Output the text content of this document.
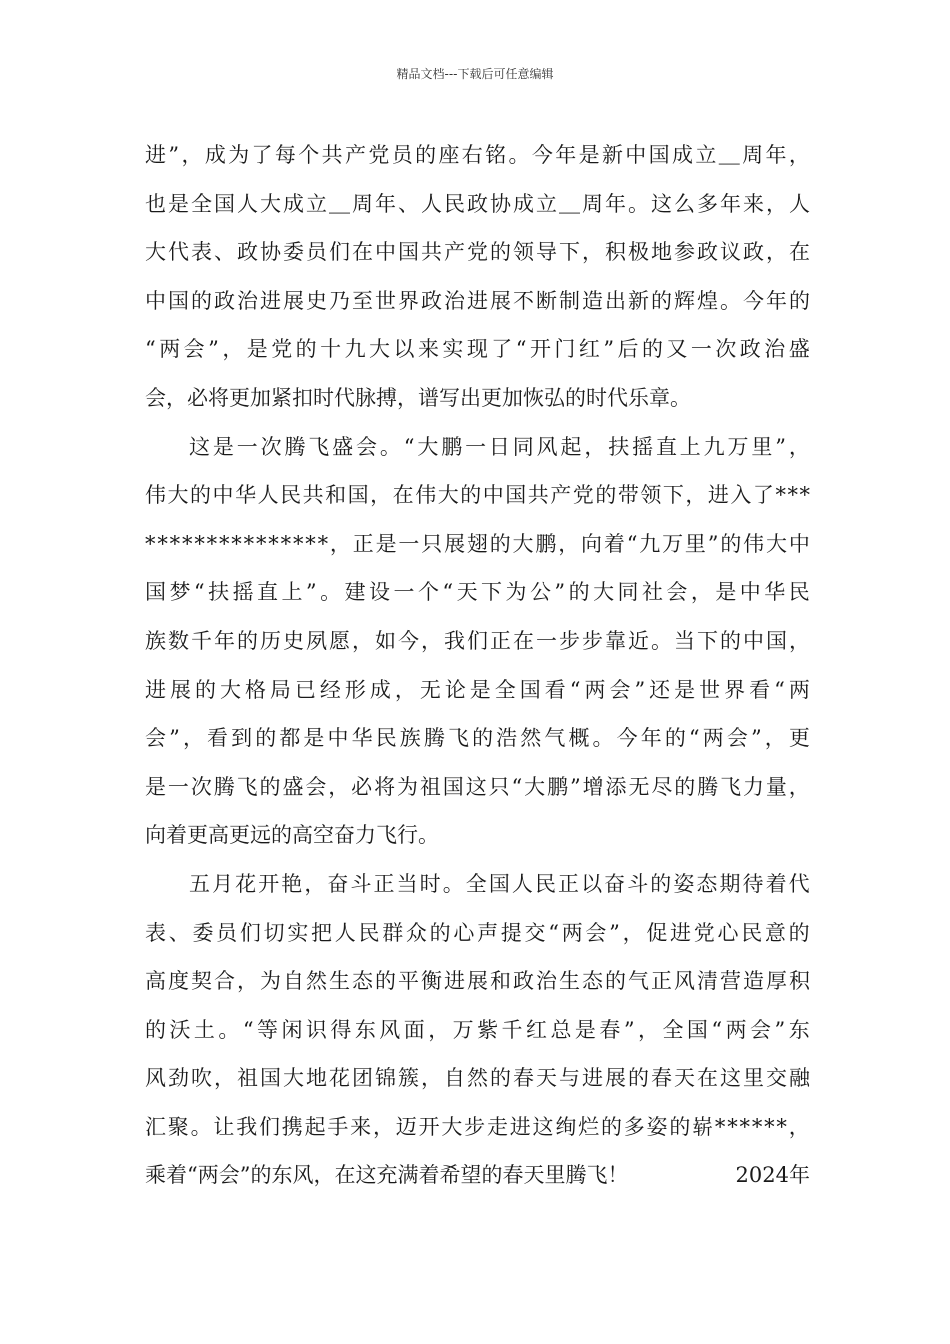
精品文档---下载后可任意编辑
进 ” ， 成 为 了 每 个 共 产 党 员 的 座 右 铭 。 今 年 是 新 中 国 成 立 ＿ 周 年 ，
也 是 全 国 人 大 成 立 ＿ 周 年 、 人 民 政 协 成 立 ＿ 周 年 。 这 么 多 年 来 ， 人
大 代 表 、 政 协 委 员 们 在 中 国 共 产 党 的 领 导 下 ， 积 极 地 参 政 议 政 ， 在
中 国 的 政 治 进 展 史 乃 至 世 界 政 治 进 展 不 断 制 造 出 新 的 辉 煌 。 今 年 的
“ 两 会 ” ， 是 党 的 十 九 大 以 来 实 现 了 “ 开 门 红 ” 后 的 又 一 次 政 治 盛
会，必将更加紧扣时代脉搏，谱写出更加恢弘的时代乐章。
这 是 一 次 腾 飞 盛 会 。 “ 大 鹏 一 日 同 风 起 ， 扶 摇 直 上 九 万 里 ” ，
伟 大 的 中 华 人 民 共 和 国 ， 在 伟 大 的 中 国 共 产 党 的 带 领 下 ， 进 入 了 * * *
* * * * * * * * * * * * * * * ， 正 是 一 只 展 翅 的 大 鹏 ， 向 着 “ 九 万 里 ” 的 伟 大 中
国 梦 “ 扶 摇 直 上 ” 。 建 设 一 个 “ 天 下 为 公 ” 的 大 同 社 会 ， 是 中 华 民
族 数 千 年 的 历 史 夙 愿 ， 如 今 ， 我 们 正 在 一 步 步 靠 近 。 当 下 的 中 国 ，
进 展 的 大 格 局 已 经 形 成 ， 无 论 是 全 国 看 “ 两 会 ” 还 是 世 界 看 “ 两
会 ” ， 看 到 的 都 是 中 华 民 族 腾 飞 的 浩 然 气 概 。 今 年 的 “ 两 会 ” ， 更
是 一 次 腾 飞 的 盛 会 ， 必 将 为 祖 国 这 只 “ 大 鹏 ” 增 添 无 尽 的 腾 飞 力 量 ，
向着更高更远的高空奋力飞行。
五 月 花 开 艳 ， 奋 斗 正 当 时 。 全 国 人 民 正 以 奋 斗 的 姿 态 期 待 着 代
表 、 委 员 们 切 实 把 人 民 群 众 的 心 声 提 交 “ 两 会 ” ， 促 进 党 心 民 意 的
高 度 契 合 ， 为 自 然 生 态 的 平 衡 进 展 和 政 治 生 态 的 气 正 风 清 营 造 厚 积
的 沃 土 。 “ 等 闲 识 得 东 风 面 ， 万 紫 千 红 总 是 春 ” ， 全 国 “ 两 会 ” 东
风 劲 吹 ， 祖 国 大 地 花 团 锦 簇 ， 自 然 的 春 天 与 进 展 的 春 天 在 这 里 交 融
汇 聚 。 让 我 们 携 起 手 来 ， 迈 开 大 步 走 进 这 绚 烂 的 多 姿 的 崭 * * * * * * ，
乘着“两会”的东风，在这充满着希望的春天里腾飞！	2024年
